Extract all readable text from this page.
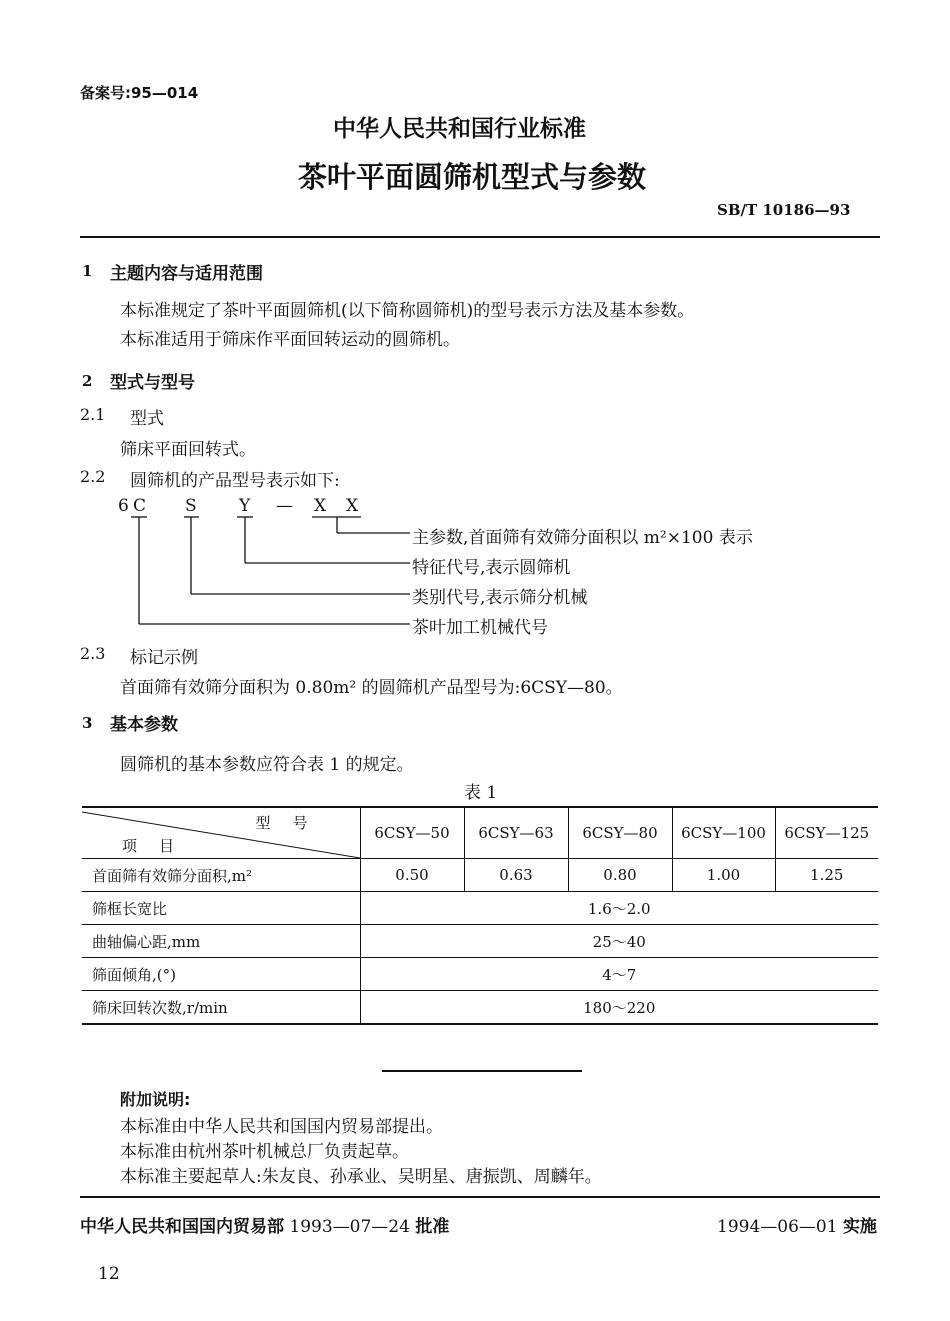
备案号:95—014
中华人民共和国行业标准
茶叶平面圆筛机型式与参数
SB/T 10186—93
1 主题内容与适用范围
本标准规定了茶叶平面圆筛机(以下简称圆筛机)的型号表示方法及基本参数。
本标准适用于筛床作平面回转运动的圆筛机。
2 型式与型号
2.1 型式
筛床平面回转式。
2.2 圆筛机的产品型号表示如下:
6 C S Y — X X
主参数,首面筛有效筛分面积以 m²×100 表示
特征代号,表示圆筛机
类别代号,表示筛分机械
茶叶加工机械代号
2.3 标记示例
首面筛有效筛分面积为 0.80m² 的圆筛机产品型号为:6CSY—80。
3 基本参数
圆筛机的基本参数应符合表 1 的规定。
表 1
型号
项目	6CSY—50	6CSY—63	6CSY—80	6CSY—100	6CSY—125
首面筛有效筛分面积,m²	0.50	0.63	0.80	1.00	1.25
筛框长宽比	1.6～2.0				
曲轴偏心距,mm	25～40				
筛面倾角,(°)	4～7				
筛床回转次数,r/min	180～220				
附加说明:
本标准由中华人民共和国国内贸易部提出。
本标准由杭州茶叶机械总厂负责起草。
本标准主要起草人:朱友良、孙承业、吴明星、唐振凯、周麟年。
中华人民共和国国内贸易部 1993—07—24 批准	1994—06—01 实施
12
